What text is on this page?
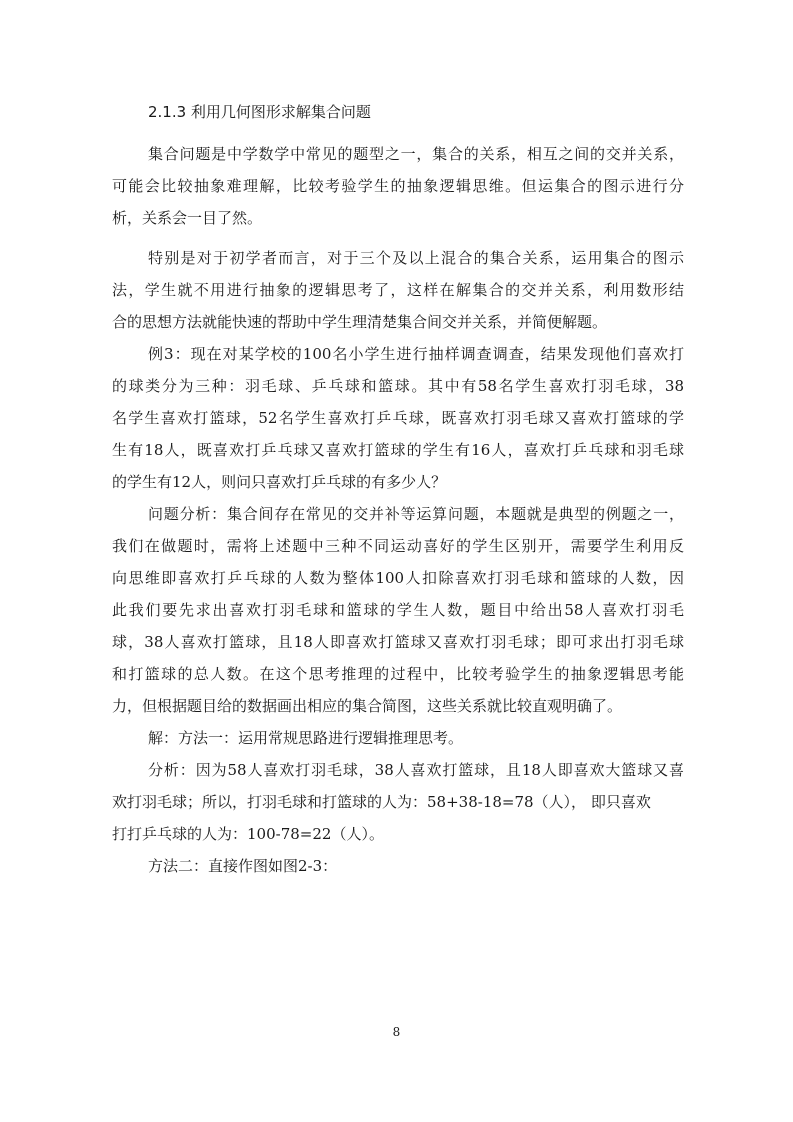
2.1.3 利用几何图形求解集合问题
集合问题是中学数学中常见的题型之一，集合的关系，相互之间的交并关系，
可能会比较抽象难理解，比较考验学生的抽象逻辑思维。但运集合的图示进行分
析，关系会一目了然。
特别是对于初学者而言，对于三个及以上混合的集合关系，运用集合的图示
法，学生就不用进行抽象的逻辑思考了，这样在解集合的交并关系，利用数形结
合的思想方法就能快速的帮助中学生理清楚集合间交并关系，并简便解题。
例3：现在对某学校的100名小学生进行抽样调查调查，结果发现他们喜欢打
的球类分为三种：羽毛球、乒乓球和篮球。其中有58名学生喜欢打羽毛球，38
名学生喜欢打篮球，52名学生喜欢打乒乓球，既喜欢打羽毛球又喜欢打篮球的学
生有18人，既喜欢打乒乓球又喜欢打篮球的学生有16人，喜欢打乒乓球和羽毛球
的学生有12人，则问只喜欢打乒乓球的有多少人？
问题分析：集合间存在常见的交并补等运算问题，本题就是典型的例题之一，
我们在做题时，需将上述题中三种不同运动喜好的学生区别开，需要学生利用反
向思维即喜欢打乒乓球的人数为整体100人扣除喜欢打羽毛球和篮球的人数，因
此我们要先求出喜欢打羽毛球和篮球的学生人数，题目中给出58人喜欢打羽毛
球，38人喜欢打篮球，且18人即喜欢打篮球又喜欢打羽毛球；即可求出打羽毛球
和打篮球的总人数。在这个思考推理的过程中，比较考验学生的抽象逻辑思考能
力，但根据题目给的数据画出相应的集合简图，这些关系就比较直观明确了。
解：方法一：运用常规思路进行逻辑推理思考。
分析：因为58人喜欢打羽毛球，38人喜欢打篮球，且18人即喜欢大篮球又喜
欢打羽毛球；所以，打羽毛球和打篮球的人为：58+38-18=78（人）， 即只喜欢
打打乒乓球的人为：100-78=22（人）。
方法二：直接作图如图2-3：
8
